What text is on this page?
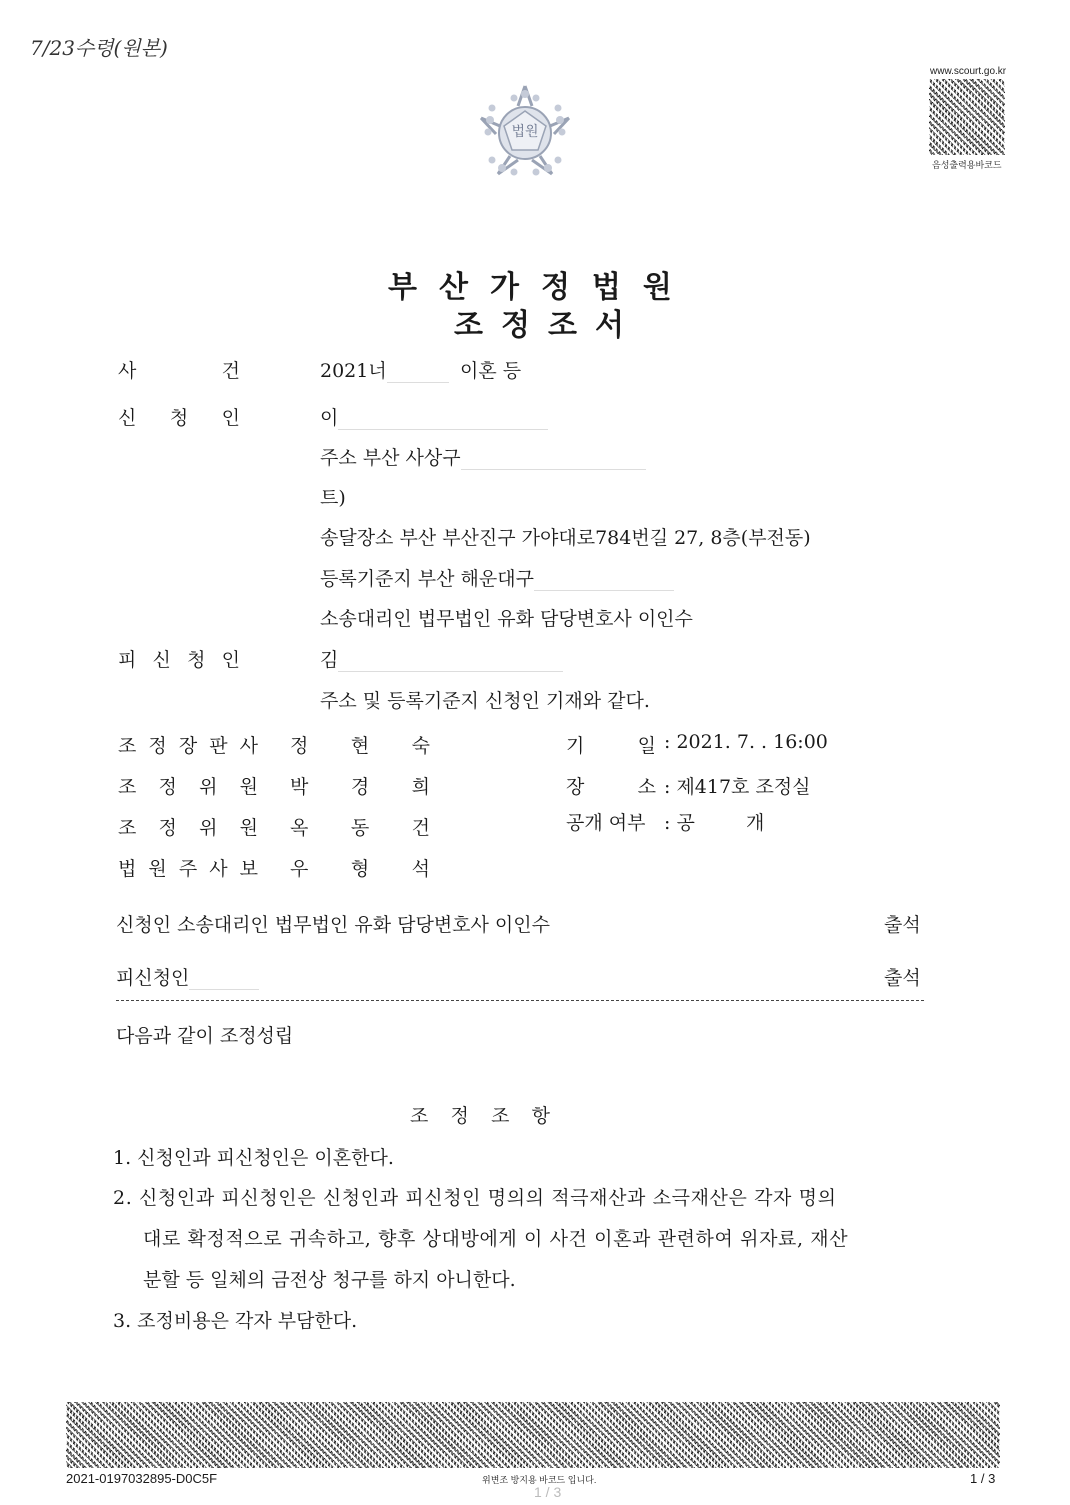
7/23수령(원본)
법원
www.scourt.go.kr
음성출력용바코드
부산가정법원
조정조서
사	건	2021너	이혼 등
신 청 인	이
주소 부산 사상구
트)
송달장소 부산 부산진구 가야대로784번길 27, 8층(부전동)
등록기준지 부산 해운대구
소송대리인 법무법인 유화 담당변호사 이인수
피 신 청 인	김
주소 및 등록기준지 신청인 기재와 같다.
조 정 장 판 사 정 현 숙
조 정 위 원 박 경 희
조 정 위 원 옥 동 건
법 원 주 사 보 우 형 석
기	일 : 2021. 7. . 16:00
장	소 : 제417호 조정실
공개 여부 : 공	개
신청인 소송대리인 법무법인 유화 담당변호사 이인수	출석
피신청인	출석
다음과 같이 조정성립
조 정 조 항
1. 신청인과 피신청인은 이혼한다.
2. 신청인과 피신청인은 신청인과 피신청인 명의의 적극재산과 소극재산은 각자 명의
대로 확정적으로 귀속하고, 향후 상대방에게 이 사건 이혼과 관련하여 위자료, 재산
분할 등 일체의 금전상 청구를 하지 아니한다.
3. 조정비용은 각자 부담한다.
2021-0197032895-D0C5F	위변조 방지용 바코드 입니다.
1 / 3
1 / 3
